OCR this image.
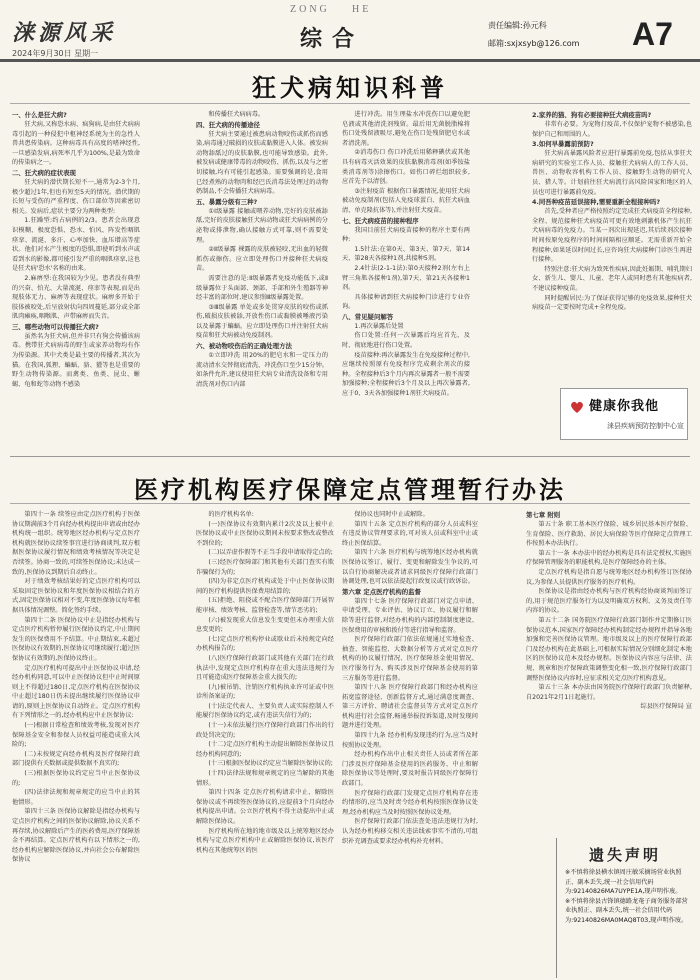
涞源风采
2024年9月30日 星期一
ZONG HE
综合
责任编辑:孙元科
邮箱:sxjxsyb@126.com A7
狂犬病知识科普
一、什么是狂犬病?

狂犬病,又称恐水病、疯狗病,是由狂犬病病毒引起的一种侵犯中枢神经系统为主的急性人兽共患传染病。这种病毒具有高度的嗜神经性,一旦感染发病,病死率几乎为100%,是最为致命的传染病之一。

二、狂犬病的症状表现

狂犬病的潜伏期长短不一,通常为2-3个月,极少超过1年,但也有短至5天的情况。潜伏期的长短与受伤的严重程度、伤口部位等因素密切相关。发病后,症状主要分为两种类型:

1.狂躁型:约占病例的2/3。患者会出现意识模糊、极度恐惧、恐水、怕风、阵发性咽肌痉挛、流涎、多汗、心率加快、血压增高等症状。他们对水产生极度的恐惧,即使听到水声或看到水的影像,都可能引发严重的咽肌痉挛,这也是狂犬病'恐水'名称的由来。

2.麻痹型:在我国较为少见。患者没有典型的兴奋、怕光、大量流涎、痉挛等表现,而是出现肢体无力、麻痹等表现症状。麻痹多开始于肢体被咬处,后呈放射状向四周蔓延,部分或全部肌肉瘫痪,咽喉肌、声带麻痹而失音。

三、哪些动物可以传播狂犬病?

虽然名为狂犬病,但并非只有狗会传播该病毒。携带狂犬病病毒的野生或家养动物均有作为传染源。其中犬类是最主要的传播者,其次为猫。在我国,狐狸、蝙蝠、貉、獾等也是重要的野生动物传染源。而禽类、鱼类、昆虫、蜥蜴、龟和蛇等动物不感染

和传播狂犬病病毒。

四、狂犬病的传播途径

狂犬病主要通过被患病动物咬伤或抓伤而感染,病毒通过破损的皮肤或黏膜进入人体。被发病动物舔舐过的皮肤黏膜,也可能导致感染。此外,被发病或健康带毒的动物咬伤、抓伤,以及与之密切接触,均有可能引起感染。需要强调的是,食用已经煮熟的动物肉和经巴氏消毒法处理过的动物奶制品,不会传播狂犬病病毒。

五、暴露分级有三种?

①Ⅰ级暴露 接触或喂养动物,完好的皮肤被舔舐,完好的皮肤接触狂犬病动物或狂犬病病例的分泌物或排泄物,确认接触方式可靠,则不需要处理。

②Ⅱ级暴露 裸露的皮肤被轻咬,无出血的轻微抓伤或擦伤。应立即处理伤口并接种狂犬病疫苗。

需要注意的是:Ⅱ级暴露者免疫功能低下,或Ⅱ级暴露位于头面部、颈部、手部和外生殖器等神经丰富的部位时,建议参照Ⅲ级暴露处置。

③Ⅲ级暴露 单处或多处贯穿皮肤的咬伤或抓伤,破损皮肤被舔,开放性伤口或黏膜被唾液污染以及暴露于蝙蝠。应立即处理伤口并注射狂犬病疫苗和狂犬病被动免疫制剂。

六、被动物咬伤后的正确处理方法

①立即冲洗 用20%的肥皂水和一定压力的流动清水交替彻底清洗、冲洗伤口至少15分钟。如条件允许,建议使用狂犬病专业清洗设备和专用清洗剂对伤口内部

进行冲洗。用生理盐水冲洗伤口以避免肥皂液或其他清洗剂残留。最后用无菌脱脂棉将伤口处残留液吸尽,避免在伤口处残留肥皂水或者清洗剂。

②消毒伤口 伤口冲洗后用稀释碘伏或其他具有病毒灭活效果的皮肤黏膜消毒剂(如季铵盐类消毒剂等)涂擦伤口。如伤口碎烂组织较多,应首先予以清创。

③注射疫苗 根据伤口暴露情况,使用狂犬病被动免疫制剂(包括人免疫球蛋白、抗狂犬病血清、单克隆抗体等),并注射狂犬疫苗。

七、狂犬病疫苗的接种程序

我国目前狂犬病疫苗接种的程序主要有两种:

1.5针法:在第0天、第3天、第7天、第14天、第28天各接种1剂,共接种5剂。

2.4针法(2-1-1法):第0天接种2剂(左右上臂三角肌各接种1剂),第7天、第21天各接种1剂。

具体接种请到狂犬病接种门诊进行专业咨询。

八、常见疑问解答

1.再次暴露后处置

伤口处置:任何一次暴露后均应首先、及时、彻底地进行伤口处置。

疫苗接种:再次暴露发生在免疫接种过程中,应继续按照原有免疫程序完成剩余剂次的接种。全程接种后3个月内再次暴露者一般不需要加强接种;全程接种后3个月及以上再次暴露者,应于0、3天各加强接种1剂狂犬病疫苗。

2.家养的猫、狗有必要接种狂犬病疫苗吗?

非常有必要。为宠物打疫苗,不仅保护宠物不被感染,也保护自己和周围的人。

3.如何早暴露前预防?

狂犬病高暴露风险者应进行暴露前免疫,包括从事狂犬病研究的实验室工作人员、接触狂犬病病人的工作人员、兽医、动物收容机构工作人员、接触野生动物的研究人员、猎人等。计划前往狂犬病流行高风险国家和地区的人员也可进行暴露前免疫。

4.同吾种疫苗延误接种,需要重新全程接种吗?

首先,受种者应严格按照约定完成狂犬病疫苗全程接种,全程、规范接种狂犬病疫苗可更有效地刺激机体产生抗狂犬病病毒的免疫力。当某一剂次出现延迟,其后续剂次接种时间按原免疫程序的时间间隔相应顺延。无需重新开始全程接种,如果延误时间过长,应咨询狂犬病接种门诊医生再进行接种。

特别注意:狂犬病为致死性疾病,因此妊娠期、哺乳期妇女、新生儿、婴儿、儿童、老年人或同时患有其他疾病者,不建议接种疫苗。

同时提醒居民:为了保证获得足够的免疫效果,接种狂犬病疫苗一定要按时完成+全程免疫。

健康你我他
涞县疾病预防控制中心宣
医疗机构医疗保障定点管理暂行办法

第四十一条 续签应由定点医疗机构于医保协议期满前3个月向经办机构提出申请或由经办机构统一组织。统筹地区经办机构与定点医疗机构就医保协议续签事宜进行协商谈判,双方根据医保协议履行情况和绩效考核情况等决定是否续签。协商一致的,可续签医保协议;未达成一致的,医保协议到期后自动终止。

对于绩效考核结果好的定点医疗机构可以采取固定医保协议和年度医保协议相结合的方式,固定医保协议相对不变,年度医保协议每年根据具体情况调整。简化签约手续。

第四十二条 医保协议中止是指经办机构与定点医疗机构暂停履行医保协议约定,中止期间发生的医保费用不予结算。中止期结束,未超过医保协议有效期的,医保协议可继续履行;超过医保协议有效期的,医保协议终止。

定点医疗机构可提出中止医保协议申请,经经办机构同意,可以中止医保协议但中止时间原则上不得超过180日,定点医疗机构在医保协议中止超过180日仍未提出继续履行医保协议申请的,原则上医保协议自动终止。定点医疗机构有下列情形之一的,经办机构应中止医保协议:

(一)根据日常检查和绩效考核,发现对医疗保障基金安全和参保人员权益可能造成重大风险的;

(二)未按规定向经办机构及医疗保障行政部门提供有关数据或提供数据不真实的;

(三)根据医保协议约定应当中止医保协议的;

(四)法律法规和规章规定的应当中止的其他情形。

第四十三条 医保协议解除是指经办机构与定点医疗机构之间的医保协议解除,协议关系不再存续,协议解除后产生的医药费用,医疗保障基金不再结算。定点医疗机构有以下情形之一的,经办机构应解除医保协议,并向社会公布解除医保协议

的医疗机构名单:

(一)医保协议有效期内累计2次及以上被中止医保协议或中止医保协议期间未按要求整改或整改不到位的;

(二)以弄虚作假等不正当手段申请取得定点的;

(三)经医疗保障部门和其他有关部门查实有欺诈骗保行为的;

(四)为非定点医疗机构或处于中止医保协议期间的医疗机构提供医保费用结算的;

(五)拒绝、阻挠或不配合医疗保障部门开展智能审核、绩效考核、监督检查等,情节恶劣的;

(六)被发现重大信息发生变更但未办理重大信息变更的;

(七)定点医疗机构停业或歇业后未按规定向经办机构报告的;

(八)医疗保障行政部门或其他有关部门在行政执法中,发现定点医疗机构存在重大违法违规行为且可能造成医疗保障基金重大损失的;

(九)被吊销、注销医疗机构执业许可证或中医诊所备案证的;

(十)法定代表人、主要负责人或实际控制人不能履行医保协议约定,或有违法失信行为的;

(十一)未依法履行医疗保障行政部门作出的行政处罚决定的;

(十二)定点医疗机构主动提出解除医保协议且经办机构同意的;

(十三)根据医保协议约定应当解除医保协议的;

(十四)法律法规和规章规定的应当解除的其他情形。

第四十四条 定点医疗机构请求中止、解除医保协议或不再续签医保协议的,应提前3个月向经办机构提出申请。公立医疗机构不得主动提出中止或解除医保协议。

医疗机构所在地的地市级及以上统筹地区经办机构与定点医疗机构中止或解除医保协议,该医疗机构在其他统筹区的医

保协议也同时中止或解除。

第四十五条 定点医疗机构的部分人员或科室有违反协议管理要求的,可对该人员或科室中止或终止医保结算。

第四十六条 医疗机构与统筹地区经办机构就医保协议签订、履行、变更和解除发生争议的,可以自行协商解决或者请求同级医疗保障行政部门协调处理,也可以依法提起行政复议或行政诉讼。

第六章 定点医疗机构的监督

第四十七条 医疗保障行政部门对定点申请、申请受理、专业评估、协议订立、协议履行和解除等进行监督,对经办机构的内部控制制度建设、医保费用的审核和拨付等进行指导和监督。

医疗保障行政部门依法依规通过实地检查、抽查、智能监控、大数据分析等方式对定点医疗机构的协议履行情况、医疗保障基金使用情况、医疗服务行为、购买涉及医疗保障基金使用的第三方服务等进行监督。

第四十八条 医疗保障行政部门和经办机构应拓宽监督途径、创新监督方式,通过满意度调查、第三方评价、聘请社会监督员等方式对定点医疗机构进行社会监督,畅通举报投诉渠道,及时发现问题并进行处理。

第四十九条 经办机构发现违约行为,应当及时按照协议处理。

经办机构作出中止相关责任人员或者所在部门涉及医疗保障基金使用的医药服务、中止和解除医保协议等处理时,要及时报告同级医疗保障行政部门。

医疗保障行政部门发现定点医疗机构存在违约情形的,应当及时责令经办机构按照医保协议处理,经办机构应当及时按照医保协议处理。

医疗保障行政部门依法查处违法违规行为时,认为经办机构移交相关违法线索事实不清的,可组织补充调查或要求经办机构补充材料。

第七章 附则

第五十条 职工基本医疗保险、城乡居民基本医疗保险、生育保险、医疗救助、居民大病保险等医疗保障定点管理工作按照本办法执行。

第五十一条 本办法中的经办机构是具有法定授权,实施医疗保障管理服务的职能机构,是医疗保障经办的主体。

定点医疗机构是指自愿与统筹地区经办机构签订医保协议,为参保人员提供医疗服务的医疗机构。

医保协议是指由经办机构与医疗机构经协商谈判而签订的,用于规范医疗服务行为以及明确双方权利、义务及责任等内容的协议。

第五十二条 国务院医疗保障行政部门制作并定期修订医保协议范本,国家医疗保障经办机构制定经办规程并指导各地加强和完善医保协议管理。地市级及以上的医疗保障行政部门及经办机构在此基础上,可根据实际情况分别细化制定本地区的医保协议范本及经办规程。医保协议内容应与法律、法规、规章和医疗保障政策调整变化相一致,医疗保障行政部门调整医保协议内容时,应征求相关定点医疗机构意见。

第五十三条 本办法由国务院医疗保障行政部门负责解释,自2021年2月1日起施行。

综县医疗保障局 宣

遗失声明
※不慎将徐县横水镇周庄敏采摘场营业执照正、副本丢失,统一社会信用代码为:92140826MA7UYPE1A,现声明作废。
※不慎将徐县古锋镇德路龙奄子商务服务部营业执照正、副本丢失,统一社会信用代码为:92140826MA0MAQ8T03,现声明作废。
